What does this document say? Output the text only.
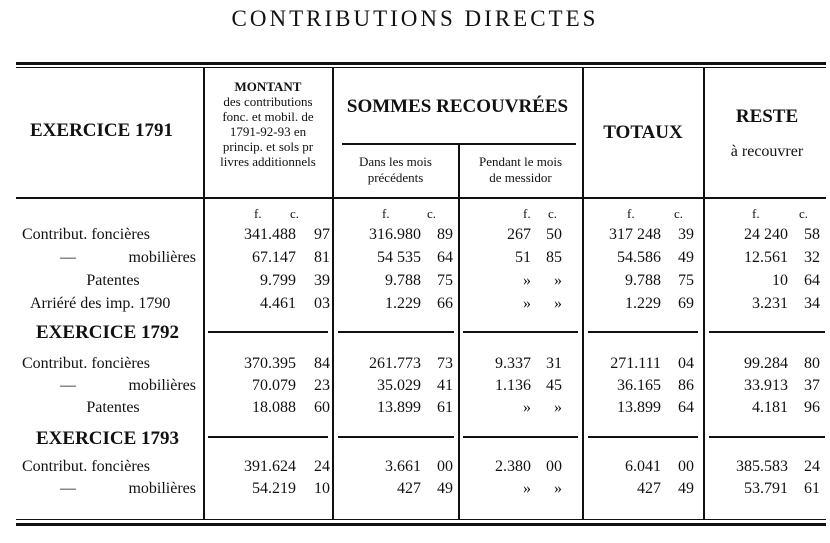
CONTRIBUTIONS DIRECTES
EXERCICE 1791
MONTANT
des contributions
fonc. et mobil. de
1791-92-93 en
princip. et sols pr
livres additionnels
SOMMES RECOUVRÉES
Dans les mois
précédents
Pendant le mois
de messidor
TOTAUX
RESTE
à recouvrer
f. c.	f.	c.	f. c.	f.	c.	f.	c.
Contribut. foncières	341.488	97	316.980	89	267 50	317 248	39	24 240	58
—	mobilières	67.147	81	54 535	64	51 85	54.586	49	12.561	32
Patentes	9.799	39	9.788	75	»	»	9.788	75	10	64
Arriéré des imp. 1790	4.461	03	1.229	66	»	»	1.229	69	3.231	34
EXERCICE 1792
Contribut. foncières	370.395	84	261.773	73	9.337 31	271.111	04	99.284	80
—	mobilières	70.079	23	35.029	41	1.136 45	36.165	86	33.913	37
Patentes	18.088	60	13.899	61	»	»	13.899	64	4.181	96
EXERCICE 1793
Contribut. foncières	391.624	24	3.661	00	2.380 00	6.041	00	385.583	24
—	mobilières	54.219	10	427	49	»	»	427	49	53.791	61
